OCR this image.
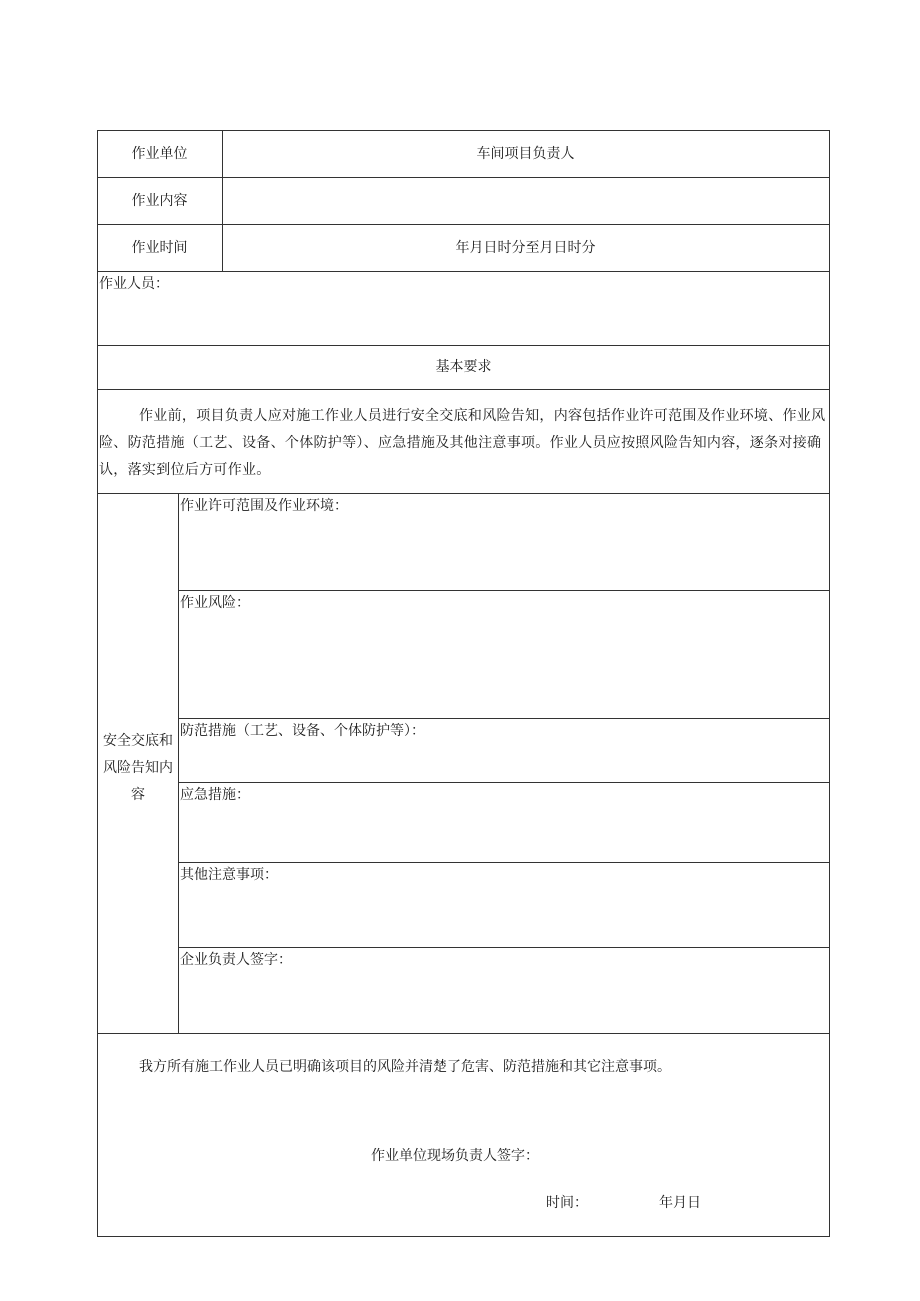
作业单位	车间项目负责人
作业内容
作业时间	年月日时分至月日时分
作业人员：
基本要求
作业前，项目负责人应对施工作业人员进行安全交底和风险告知，内容包括作业许可范围及作业环境、作业风险、防范措施（工艺、设备、个体防护等）、应急措施及其他注意事项。作业人员应按照风险告知内容，逐条对接确认，落实到位后方可作业。
安全交底和风险告知内容
作业许可范围及作业环境：
作业风险：
防范措施（工艺、设备、个体防护等）：
应急措施：
其他注意事项：
企业负责人签字：
我方所有施工作业人员已明确该项目的风险并清楚了危害、防范措施和其它注意事项。
作业单位现场负责人签字：
时间：	年月日
